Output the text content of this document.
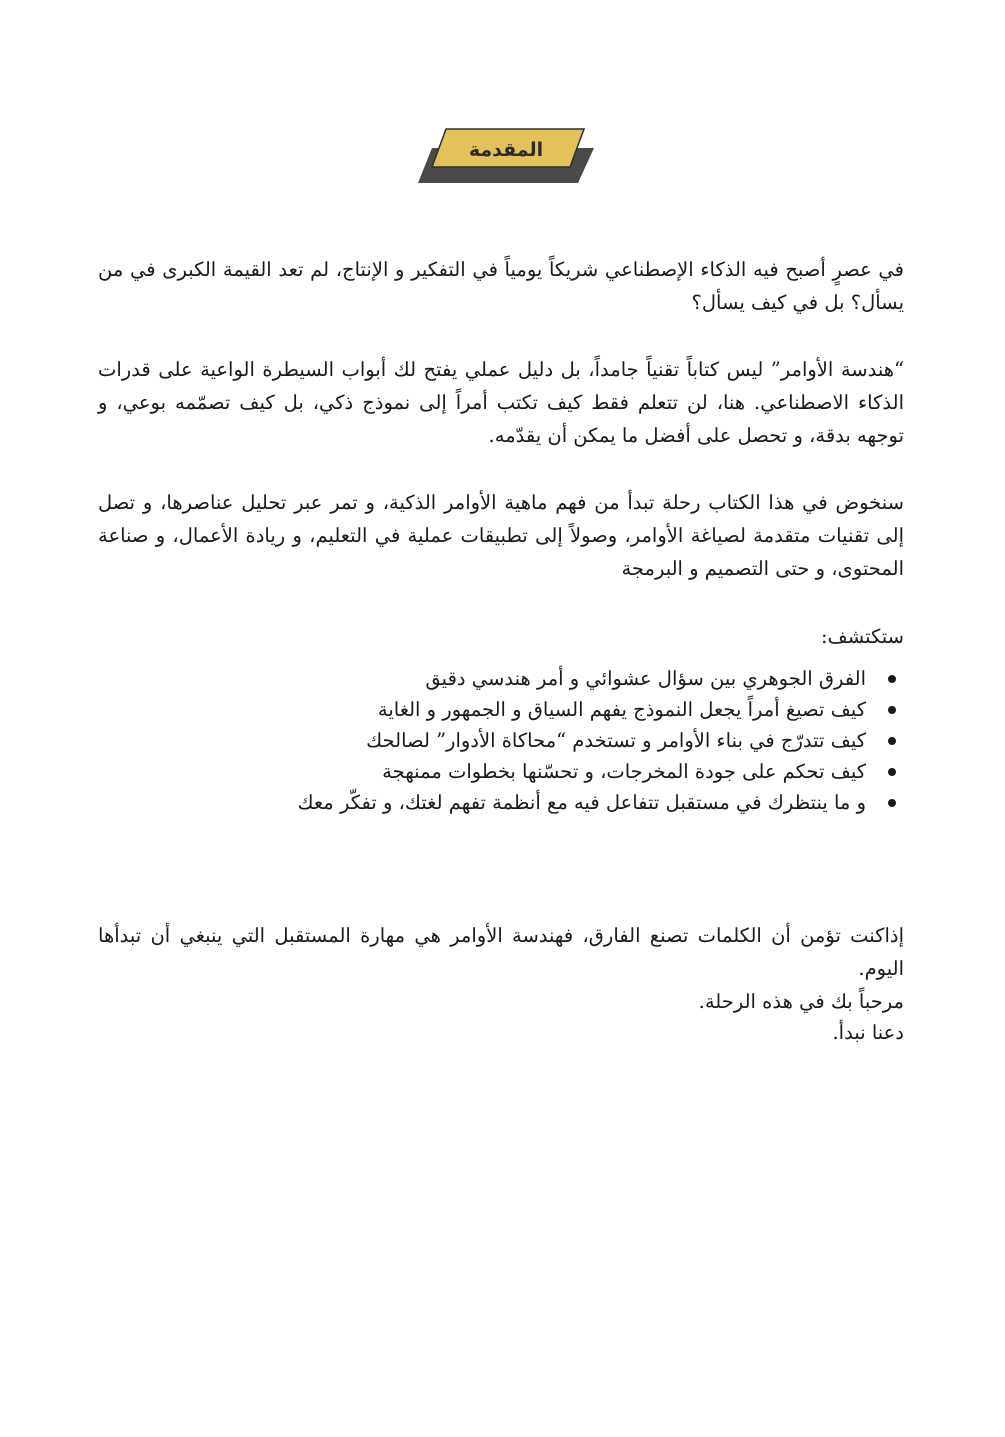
المقدمة

في عصرٍ أصبح فيه الذكاء الإصطناعي شريكاً يومياً في التفكير و الإنتاج، لم تعد القيمة الكبرى في من يسأل؟ بل في كيف يسأل؟

“هندسة الأوامر” ليس كتاباً تقنياً جامداً، بل دليل عملي يفتح لك أبواب السيطرة الواعية على قدرات الذكاء الاصطناعي. هنا، لن تتعلم فقط كيف تكتب أمراً إلى نموذج ذكي، بل كيف تصمّمه بوعي، و توجهه بدقة، و تحصل على أفضل ما يمكن أن يقدّمه.

سنخوض في هذا الكتاب رحلة تبدأ من فهم ماهية الأوامر الذكية، و تمر عبر تحليل عناصرها، و تصل إلى تقنيات متقدمة لصياغة الأوامر، وصولاً إلى تطبيقات عملية في التعليم، و ريادة الأعمال، و صناعة المحتوى، و حتى التصميم و البرمجة

ستكتشف:

الفرق الجوهري بين سؤال عشوائي و أمر هندسي دقيق
كيف تصيغ أمراً يجعل النموذج يفهم السياق و الجمهور و الغاية
كيف تتدرّج في بناء الأوامر و تستخدم “محاكاة الأدوار” لصالحك
كيف تحكم على جودة المخرجات، و تحسّنها بخطوات ممنهجة
و ما ينتظرك في مستقبل تتفاعل فيه مع أنظمة تفهم لغتك، و تفكّر معك

إذاكنت تؤمن أن الكلمات تصنع الفارق، فهندسة الأوامر هي مهارة المستقبل التي ينبغي أن تبدأها اليوم.

مرحباً بك في هذه الرحلة.

دعنا نبدأ.
